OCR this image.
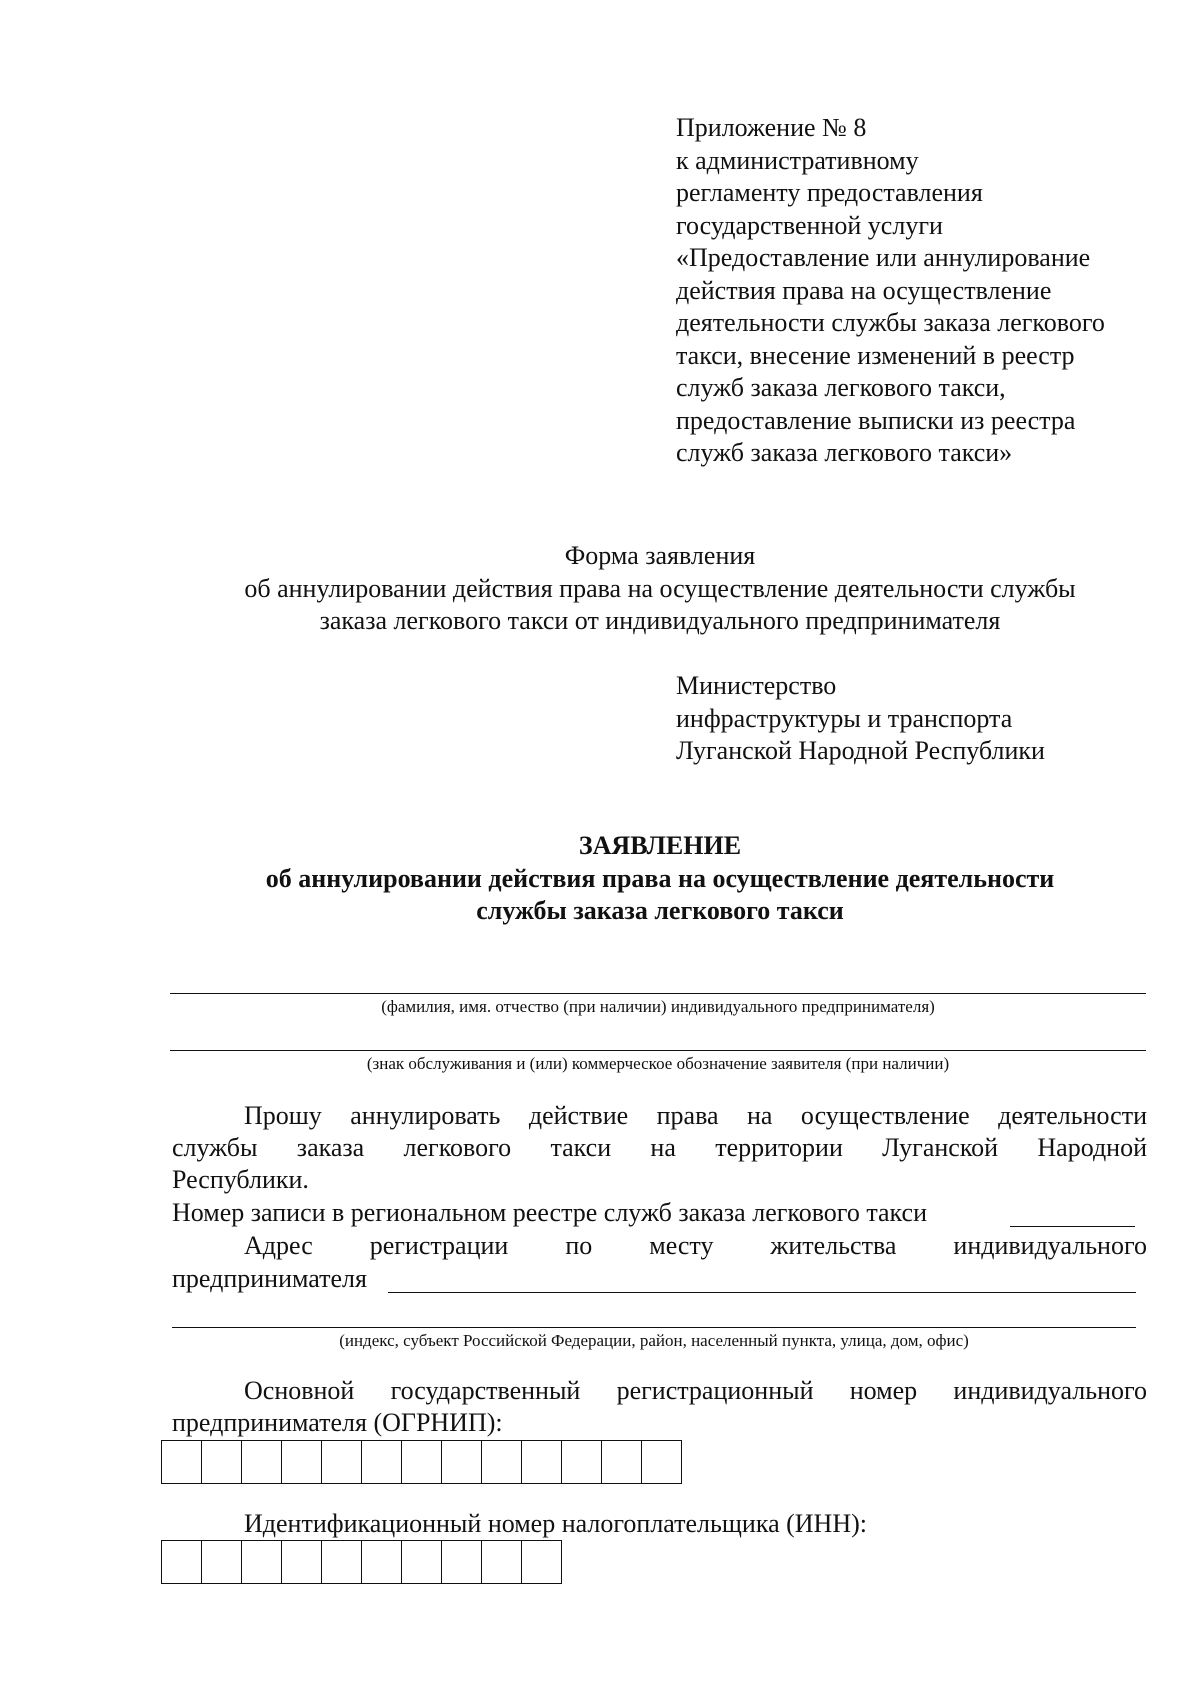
Приложение № 8
к административному
регламенту предоставления
государственной услуги
«Предоставление или аннулирование
действия права на осуществление
деятельности службы заказа легкового
такси, внесение изменений в реестр
служб заказа легкового такси,
предоставление выписки из реестра
служб заказа легкового такси»
Форма заявления
об аннулировании действия права на осуществление деятельности службы
заказа легкового такси от индивидуального предпринимателя
Министерство
инфраструктуры и транспорта
Луганской Народной Республики
ЗАЯВЛЕНИЕ
об аннулировании действия права на осуществление деятельности
службы заказа легкового такси
(фамилия, имя. отчество (при наличии) индивидуального предпринимателя)
(знак обслуживания и (или) коммерческое обозначение заявителя (при наличии)
Прошу аннулировать действие права на осуществление деятельности
службы заказа легкового такси на территории Луганской Народной
Республики.
Номер записи в региональном реестре служб заказа легкового такси
Адрес регистрации по месту жительства индивидуального
предпринимателя
(индекс, субъект Российской Федерации, район, населенный пункта, улица, дом, офис)
Основной государственный регистрационный номер индивидуального
предпринимателя (ОГРНИП):
Идентификационный номер налогоплательщика (ИНН):
